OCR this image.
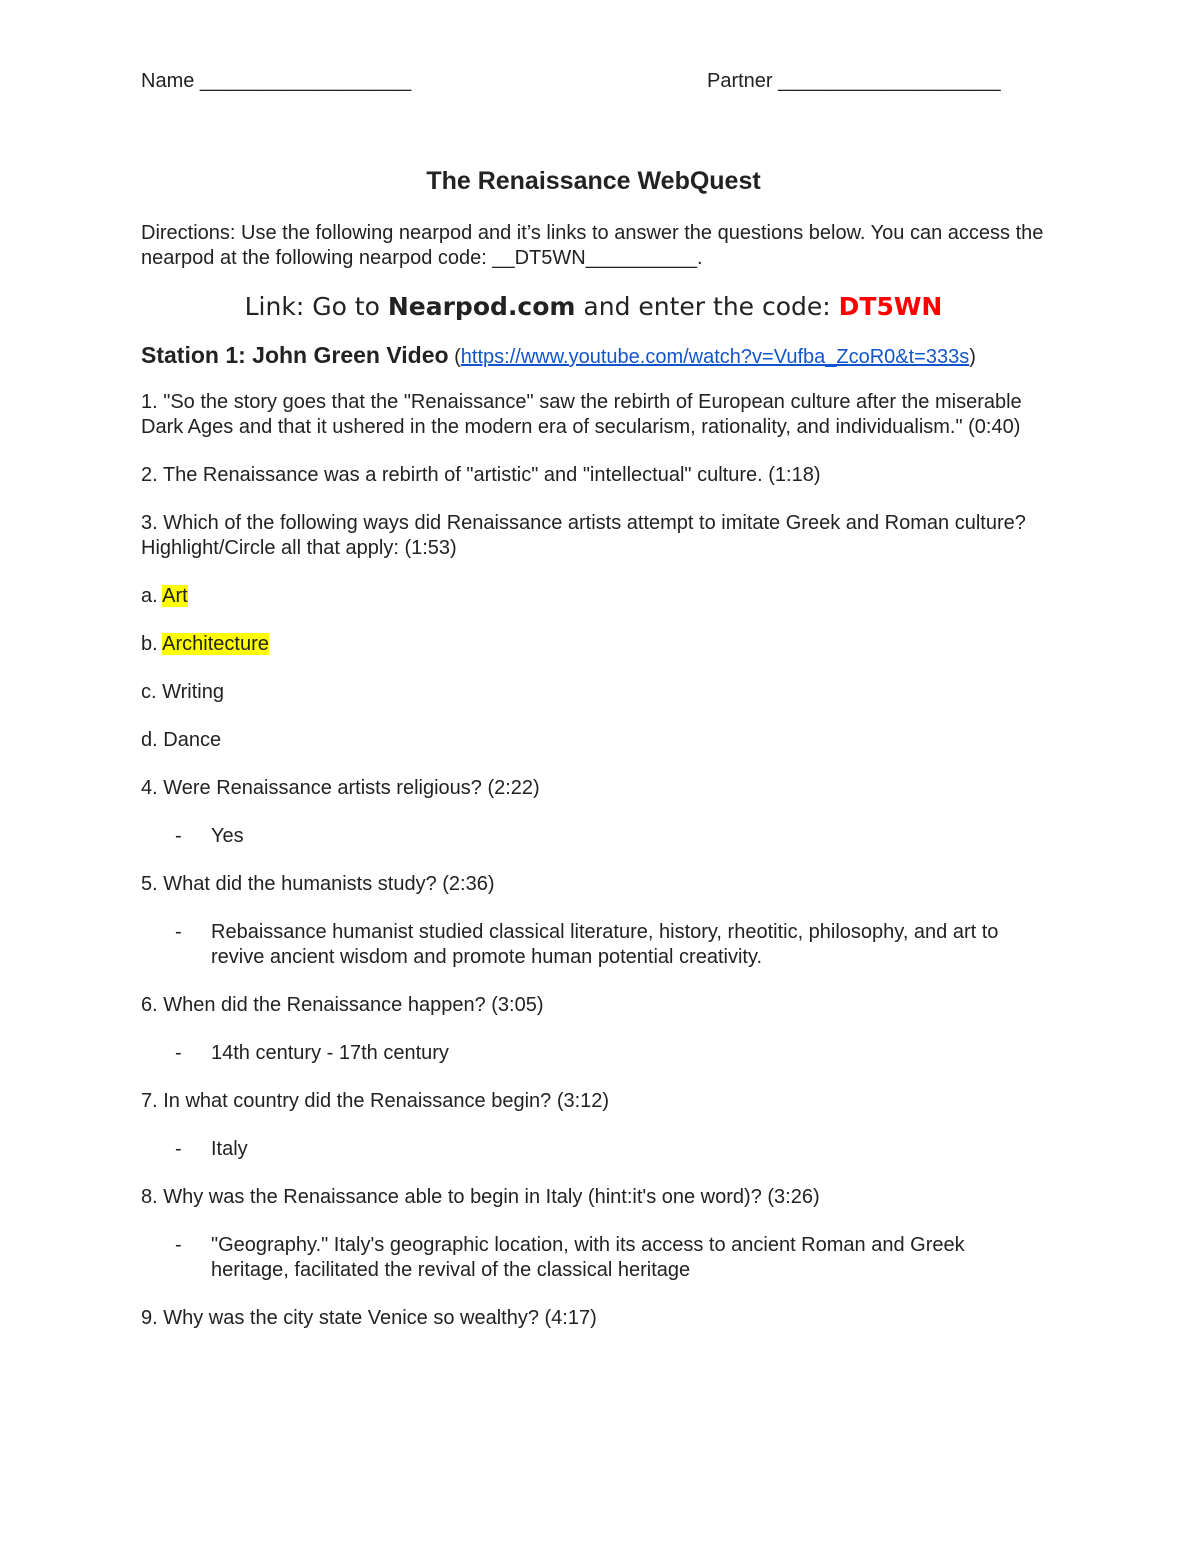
Name ___________________	Partner ____________________
The Renaissance WebQuest
Directions: Use the following nearpod and it’s links to answer the questions below. You can access the nearpod at the following nearpod code: __DT5WN__________.
Link: Go to Nearpod.com and enter the code: DT5WN
Station 1: John Green Video (https://www.youtube.com/watch?v=Vufba_ZcoR0&t=333s)
1. "So the story goes that the "Renaissance" saw the rebirth of European culture after the miserable Dark Ages and that it ushered in the modern era of secularism, rationality, and individualism." (0:40)
2. The Renaissance was a rebirth of "artistic" and "intellectual" culture. (1:18)
3. Which of the following ways did Renaissance artists attempt to imitate Greek and Roman culture? Highlight/Circle all that apply: (1:53)
a. Art
b. Architecture
c. Writing
d. Dance
4. Were Renaissance artists religious? (2:22)
- Yes
5. What did the humanists study? (2:36)
- Rebaissance humanist studied classical literature, history, rheotitic, philosophy, and art to revive ancient wisdom and promote human potential creativity.
6. When did the Renaissance happen? (3:05)
- 14th century - 17th century
7. In what country did the Renaissance begin? (3:12)
- Italy
8. Why was the Renaissance able to begin in Italy (hint:it's one word)? (3:26)
- "Geography." Italy's geographic location, with its access to ancient Roman and Greek heritage, facilitated the revival of the classical heritage
9. Why was the city state Venice so wealthy? (4:17)
